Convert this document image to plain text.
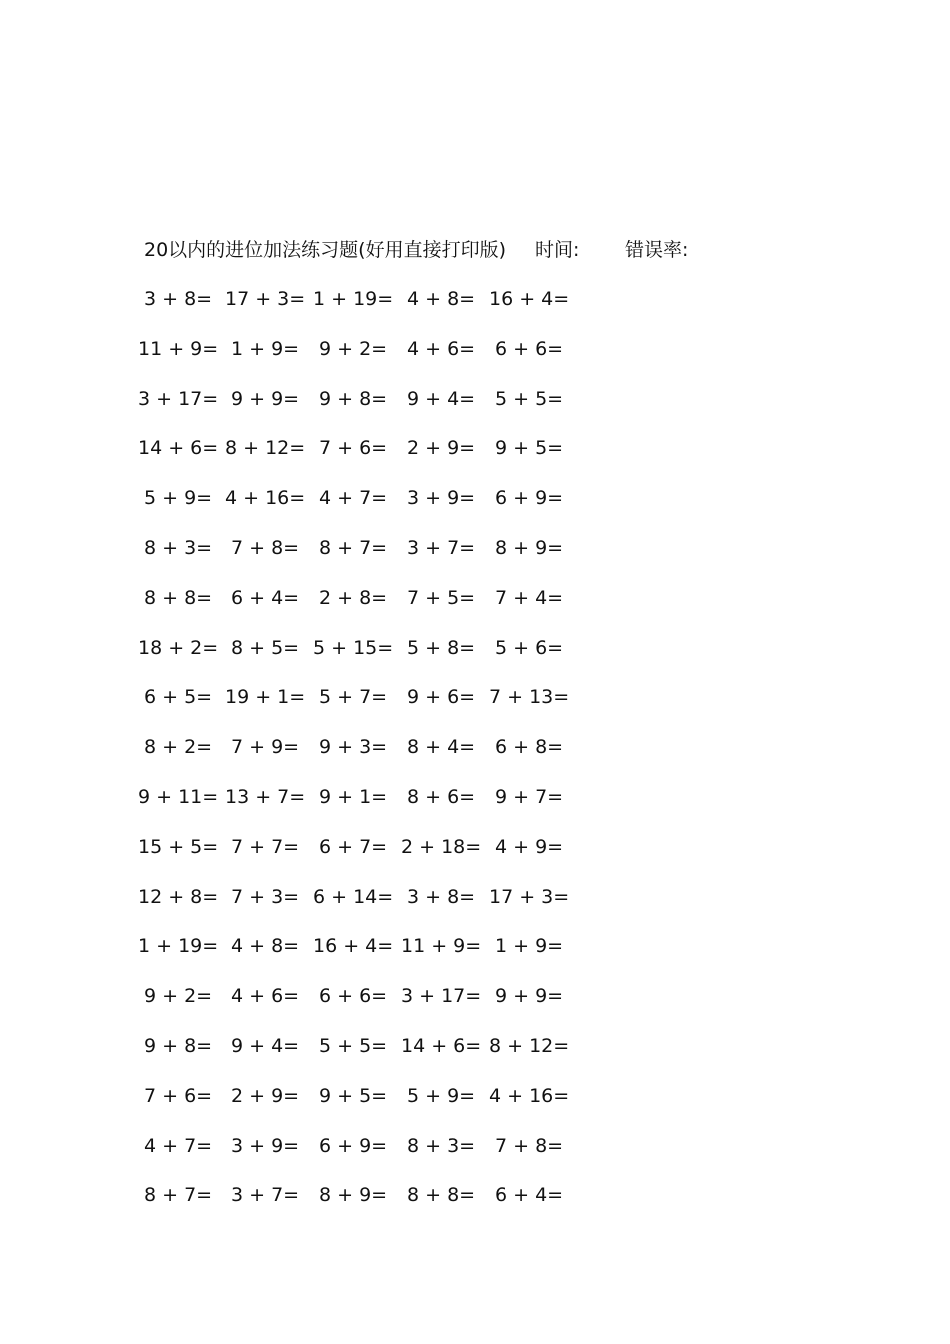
20以内的进位加法练习题(好用直接打印版) 时间: 错误率:
3 + 8= 17 + 3= 1 + 19= 4 + 8= 16 + 4=
11 + 9= 1 + 9= 9 + 2= 4 + 6= 6 + 6=
3 + 17= 9 + 9= 9 + 8= 9 + 4= 5 + 5=
14 + 6= 8 + 12= 7 + 6= 2 + 9= 9 + 5=
5 + 9= 4 + 16= 4 + 7= 3 + 9= 6 + 9=
8 + 3= 7 + 8= 8 + 7= 3 + 7= 8 + 9=
8 + 8= 6 + 4= 2 + 8= 7 + 5= 7 + 4=
18 + 2= 8 + 5= 5 + 15= 5 + 8= 5 + 6=
6 + 5= 19 + 1= 5 + 7= 9 + 6= 7 + 13=
8 + 2= 7 + 9= 9 + 3= 8 + 4= 6 + 8=
9 + 11= 13 + 7= 9 + 1= 8 + 6= 9 + 7=
15 + 5= 7 + 7= 6 + 7= 2 + 18= 4 + 9=
12 + 8= 7 + 3= 6 + 14= 3 + 8= 17 + 3=
1 + 19= 4 + 8= 16 + 4= 11 + 9= 1 + 9=
9 + 2= 4 + 6= 6 + 6= 3 + 17= 9 + 9=
9 + 8= 9 + 4= 5 + 5= 14 + 6= 8 + 12=
7 + 6= 2 + 9= 9 + 5= 5 + 9= 4 + 16=
4 + 7= 3 + 9= 6 + 9= 8 + 3= 7 + 8=
8 + 7= 3 + 7= 8 + 9= 8 + 8= 6 + 4=
